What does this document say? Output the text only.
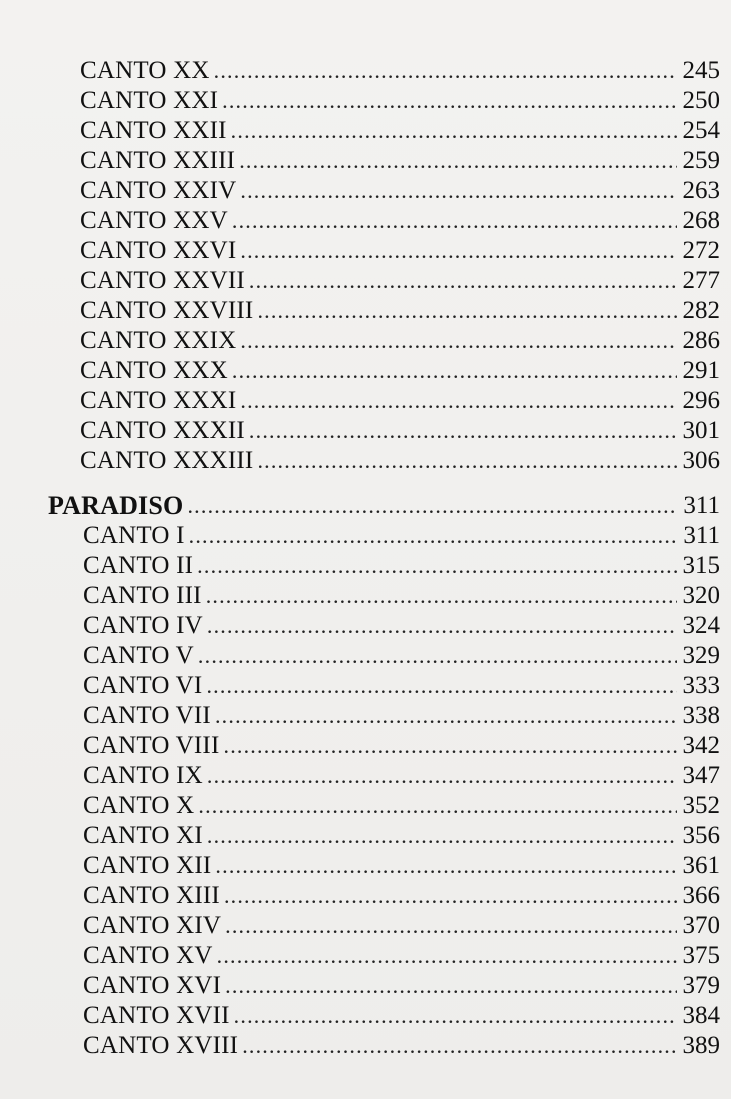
CANTO XX .....	245
CANTO XXI .....	250
CANTO XXII .....	254
CANTO XXIII .....	259
CANTO XXIV .....	263
CANTO XXV .....	268
CANTO XXVI .....	272
CANTO XXVII .....	277
CANTO XXVIII .....	282
CANTO XXIX .....	286
CANTO XXX .....	291
CANTO XXXI .....	296
CANTO XXXII .....	301
CANTO XXXIII .....	306
PARADISO .....	311
CANTO I .....	311
CANTO II .....	315
CANTO III .....	320
CANTO IV .....	324
CANTO V .....	329
CANTO VI .....	333
CANTO VII .....	338
CANTO VIII .....	342
CANTO IX .....	347
CANTO X .....	352
CANTO XI .....	356
CANTO XII .....	361
CANTO XIII .....	366
CANTO XIV .....	370
CANTO XV .....	375
CANTO XVI .....	379
CANTO XVII .....	384
CANTO XVIII .....	389
